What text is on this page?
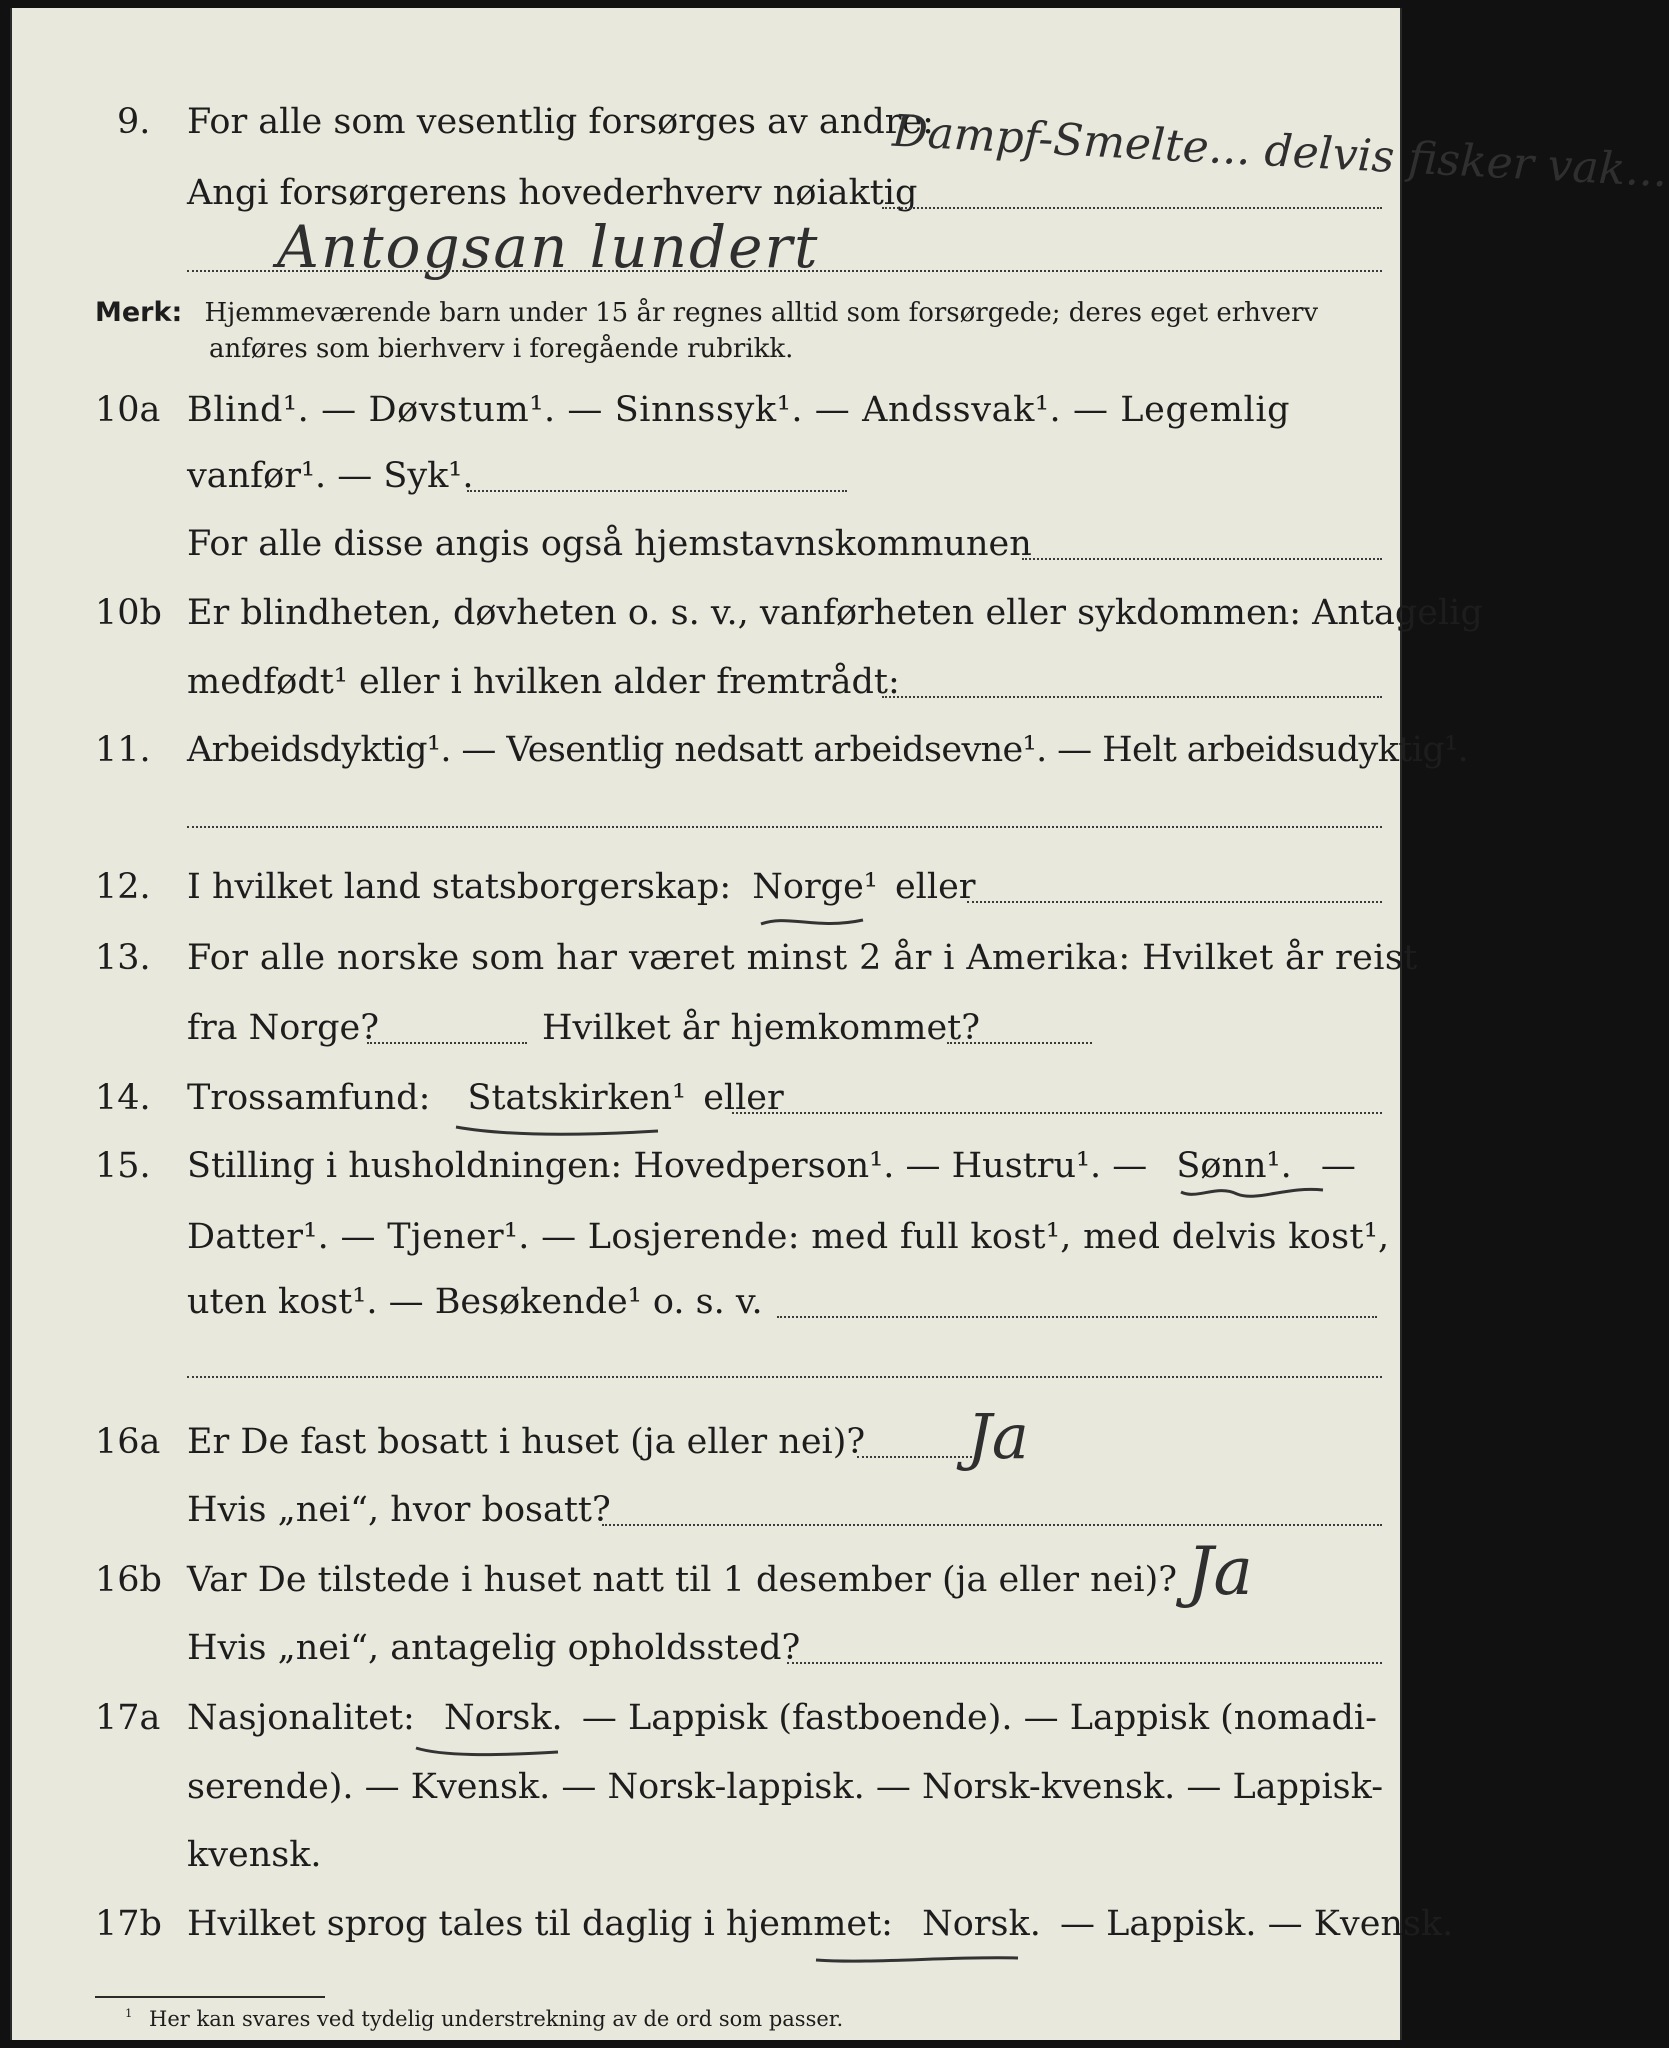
9. For alle som vesentlig forsørges av andre:
Angi forsørgerens hovederhverv nøiaktig
Dampf-Smelte... delvis fisker vak...
Antogsan lundert
Merk: Hjemmeværende barn under 15 år regnes alltid som forsørgede; deres eget erhverv
anføres som bierhverv i foregående rubrikk.
10a Blind¹. — Døvstum¹. — Sinnssyk¹. — Andssvak¹. — Legemlig
vanfør¹. — Syk¹.
For alle disse angis også hjemstavnskommunen
10b Er blindheten, døvheten o. s. v., vanførheten eller sykdommen: Antagelig
medfødt¹ eller i hvilken alder fremtrådt:
11. Arbeidsdyktig¹. — Vesentlig nedsatt arbeidsevne¹. — Helt arbeidsudyktig¹.
12. I hvilket land statsborgerskap: Norge¹ eller
13. For alle norske som har været minst 2 år i Amerika: Hvilket år reist
fra Norge?	Hvilket år hjemkommet?
14. Trossamfund: Statskirken¹ eller
15. Stilling i husholdningen: Hovedperson¹. — Hustru¹. — Sønn¹. —
Datter¹. — Tjener¹. — Losjerende: med full kost¹, med delvis kost¹,
uten kost¹. — Besøkende¹ o. s. v.
16a Er De fast bosatt i huset (ja eller nei)? Ja
Hvis „nei“, hvor bosatt?
16b Var De tilstede i huset natt til 1 desember (ja eller nei)? Ja
Hvis „nei“, antagelig opholdssted?
17a Nasjonalitet: Norsk. — Lappisk (fastboende). — Lappisk (nomadi-
serende). — Kvensk. — Norsk-lappisk. — Norsk-kvensk. — Lappisk-
kvensk.
17b Hvilket sprog tales til daglig i hjemmet: Norsk. — Lappisk. — Kvensk.
$^1$ Her kan svares ved tydelig understrekning av de ord som passer.
